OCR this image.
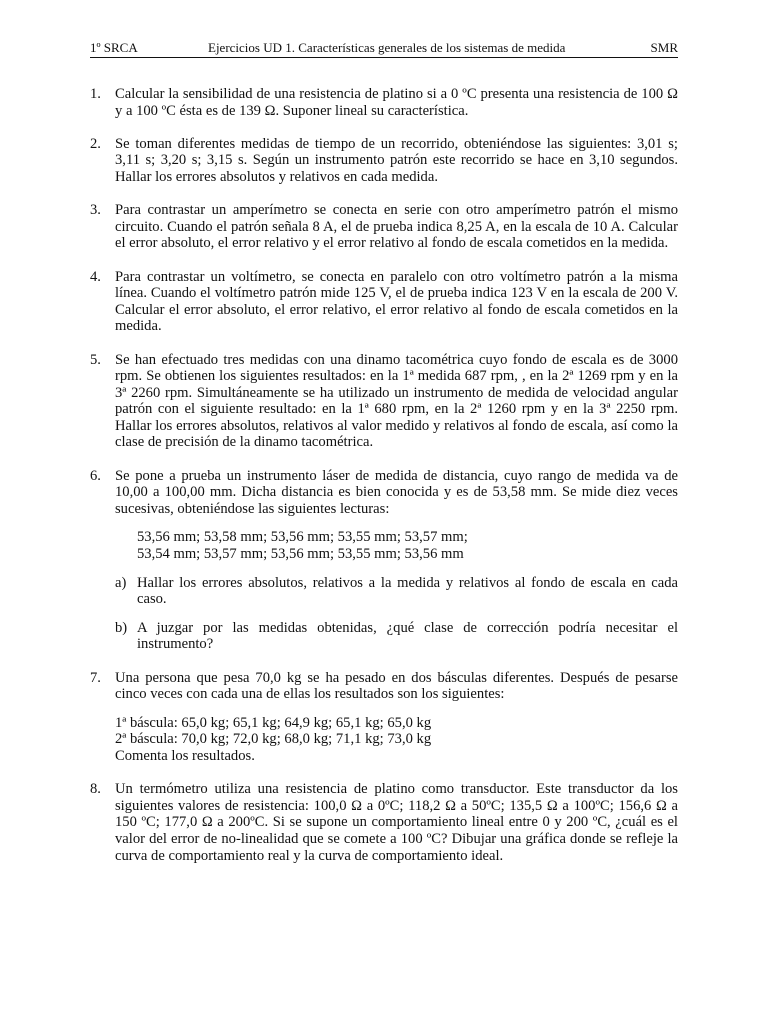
1º SRCA	Ejercicios UD 1. Características generales de los sistemas de medida	SMR
1. Calcular la sensibilidad de una resistencia de platino si a 0 ºC presenta una resistencia de 100 Ω y a 100 ºC ésta es de 139 Ω. Suponer lineal su característica.

2. Se toman diferentes medidas de tiempo de un recorrido, obteniéndose las siguientes: 3,01 s; 3,11 s; 3,20 s; 3,15 s. Según un instrumento patrón este recorrido se hace en 3,10 segundos. Hallar los errores absolutos y relativos en cada medida.

3. Para contrastar un amperímetro se conecta en serie con otro amperímetro patrón el mismo circuito. Cuando el patrón señala 8 A, el de prueba indica 8,25 A, en la escala de 10 A. Calcular el error absoluto, el error relativo y el error relativo al fondo de escala cometidos en la medida.

4. Para contrastar un voltímetro, se conecta en paralelo con otro voltímetro patrón a la misma línea. Cuando el voltímetro patrón mide 125 V, el de prueba indica 123 V en la escala de 200 V. Calcular el error absoluto, el error relativo, el error relativo al fondo de escala cometidos en la medida.

5. Se han efectuado tres medidas con una dinamo tacométrica cuyo fondo de escala es de 3000 rpm. Se obtienen los siguientes resultados: en la 1ª medida 687 rpm, , en la 2ª 1269 rpm y en la 3ª 2260 rpm. Simultáneamente se ha utilizado un instrumento de medida de velocidad angular patrón con el siguiente resultado: en la 1ª 680 rpm, en la 2ª 1260 rpm y en la 3ª 2250 rpm. Hallar los errores absolutos, relativos al valor medido y relativos al fondo de escala, así como la clase de precisión de la dinamo tacométrica.

6. Se pone a prueba un instrumento láser de medida de distancia, cuyo rango de medida va de 10,00 a 100,00 mm. Dicha distancia es bien conocida y es de 53,58 mm. Se mide diez veces sucesivas, obteniéndose las siguientes lecturas:

53,56 mm; 53,58 mm; 53,56 mm; 53,55 mm; 53,57 mm;
53,54 mm; 53,57 mm; 53,56 mm; 53,55 mm; 53,56 mm
a) Hallar los errores absolutos, relativos a la medida y relativos al fondo de escala en cada caso.
b) A juzgar por las medidas obtenidas, ¿qué clase de corrección podría necesitar el instrumento?
7. Una persona que pesa 70,0 kg se ha pesado en dos básculas diferentes. Después de pesarse cinco veces con cada una de ellas los resultados son los siguientes:

1ª báscula: 65,0 kg; 65,1 kg; 64,9 kg; 65,1 kg; 65,0 kg
2ª báscula: 70,0 kg; 72,0 kg; 68,0 kg; 71,1 kg; 73,0 kg

Comenta los resultados.

8. Un termómetro utiliza una resistencia de platino como transductor. Este transductor da los siguientes valores de resistencia: 100,0 Ω a 0ºC; 118,2 Ω a 50ºC; 135,5 Ω a 100ºC; 156,6 Ω a 150 ºC; 177,0 Ω a 200ºC. Si se supone un comportamiento lineal entre 0 y 200 ºC, ¿cuál es el valor del error de no-linealidad que se comete a 100 ºC? Dibujar una gráfica donde se refleje la curva de comportamiento real y la curva de comportamiento ideal.
